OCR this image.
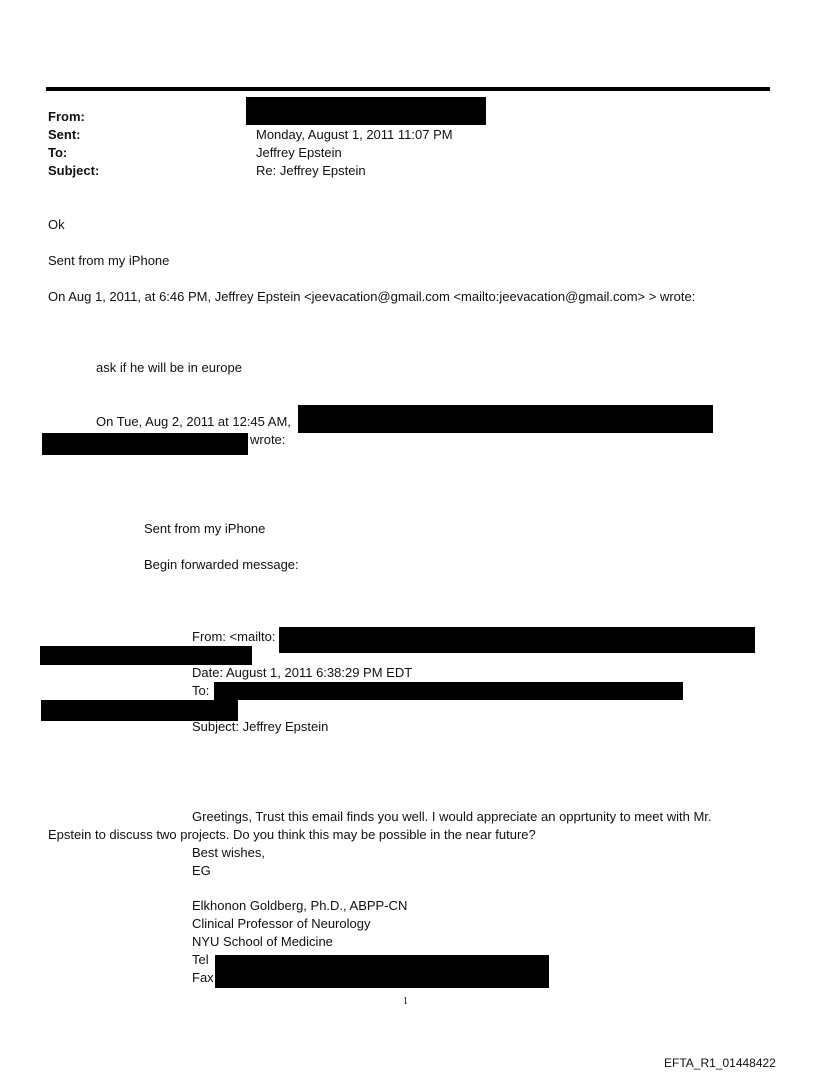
From:
Sent:	Monday, August 1, 2011 11:07 PM
To:	Jeffrey Epstein
Subject:	Re: Jeffrey Epstein
Ok
Sent from my iPhone
On Aug 1, 2011, at 6:46 PM, Jeffrey Epstein <jeevacation@gmail.com <mailto:jeevacation@gmail.com> > wrote:
ask if he will be in europe
On Tue, Aug 2, 2011 at 12:45 AM,
wrote:
Sent from my iPhone
Begin forwarded message:
From: <mailto:
Date: August 1, 2011 6:38:29 PM EDT
To:
Subject: Jeffrey Epstein
Greetings, Trust this email finds you well. I would appreciate an opprtunity to meet with Mr.
Epstein to discuss two projects. Do you think this may be possible in the near future?
Best wishes,
EG
Elkhonon Goldberg, Ph.D., ABPP-CN
Clinical Professor of Neurology
NYU School of Medicine
Tel
Fax
1
EFTA_R1_01448422
